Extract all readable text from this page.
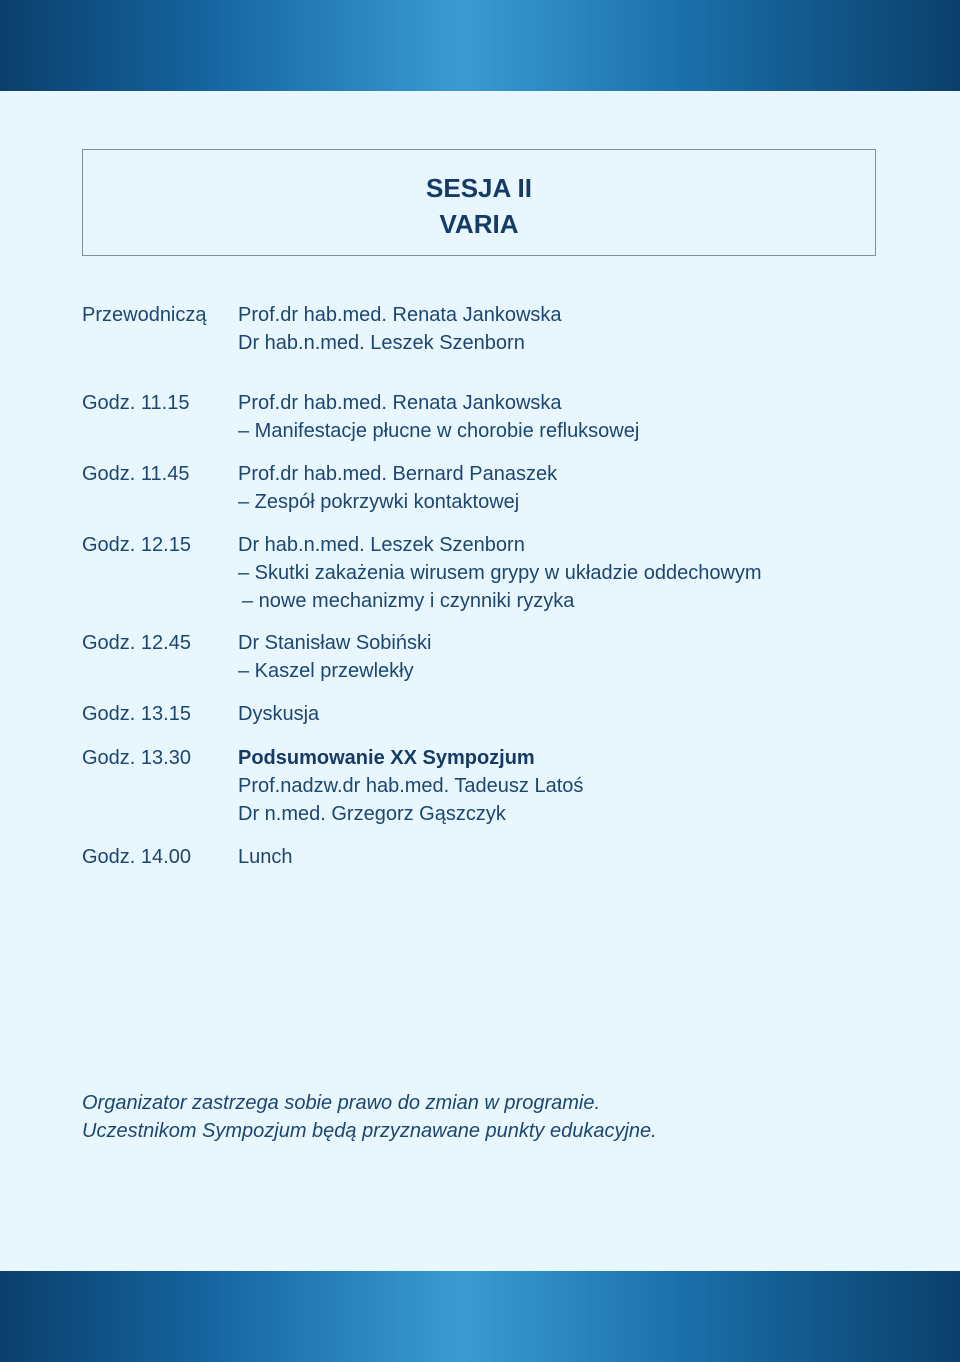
SESJA II
VARIA
Przewodniczą Prof.dr hab.med. Renata Jankowska
Dr hab.n.med. Leszek Szenborn
Godz. 11.15 Prof.dr hab.med. Renata Jankowska
– Manifestacje płucne w chorobie refluksowej
Godz. 11.45 Prof.dr hab.med. Bernard Panaszek
– Zespół pokrzywki kontaktowej
Godz. 12.15 Dr hab.n.med. Leszek Szenborn
– Skutki zakażenia wirusem grypy w układzie oddechowym
– nowe mechanizmy i czynniki ryzyka
Godz. 12.45 Dr Stanisław Sobiński
– Kaszel przewlekły
Godz. 13.15 Dyskusja
Godz. 13.30 Podsumowanie XX Sympozjum
Prof.nadzw.dr hab.med. Tadeusz Latoś
Dr n.med. Grzegorz Gąszczyk
Godz. 14.00 Lunch
Organizator zastrzega sobie prawo do zmian w programie.
Uczestnikom Sympozjum będą przyznawane punkty edukacyjne.
